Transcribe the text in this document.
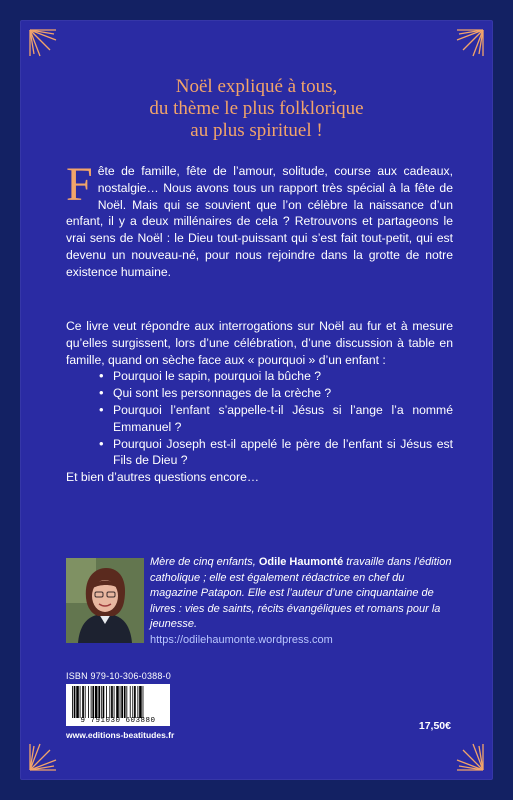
Noël expliqué à tous,
du thème le plus folklorique
au plus spirituel !
Fête de famille, fête de l’amour, solitude, course aux cadeaux, nostalgie… Nous avons tous un rapport très spécial à la fête de Noël. Mais qui se souvient que l’on célèbre la naissance d’un enfant, il y a deux millénaires de cela ? Retrouvons et partageons le vrai sens de Noël : le Dieu tout-puissant qui s’est fait tout-petit, qui est devenu un nouveau-né, pour nous rejoindre dans la grotte de notre existence humaine.

Ce livre veut répondre aux interrogations sur Noël au fur et à mesure qu’elles surgissent, lors d’une célébration, d’une discussion à table en famille, quand on sèche face aux « pourquoi » d’un enfant :

• Pourquoi le sapin, pourquoi la bûche ?
• Qui sont les personnages de la crèche ?
• Pourquoi l’enfant s’appelle-t-il Jésus si l’ange l’a nommé Emmanuel ?
• Pourquoi Joseph est-il appelé le père de l’enfant si Jésus est Fils de Dieu ?

Et bien d’autres questions encore…

Mère de cinq enfants, Odile Haumonté travaille dans l’édition catholique ; elle est également rédactrice en chef du magazine Patapon. Elle est l’auteur d’une cinquantaine de livres : vies de saints, récits évangéliques et romans pour la jeunesse.
https://odilehaumonte.wordpress.com
ISBN 979-10-306-0388-0
9 791030 603880
www.editions-beatitudes.fr
17,50€
